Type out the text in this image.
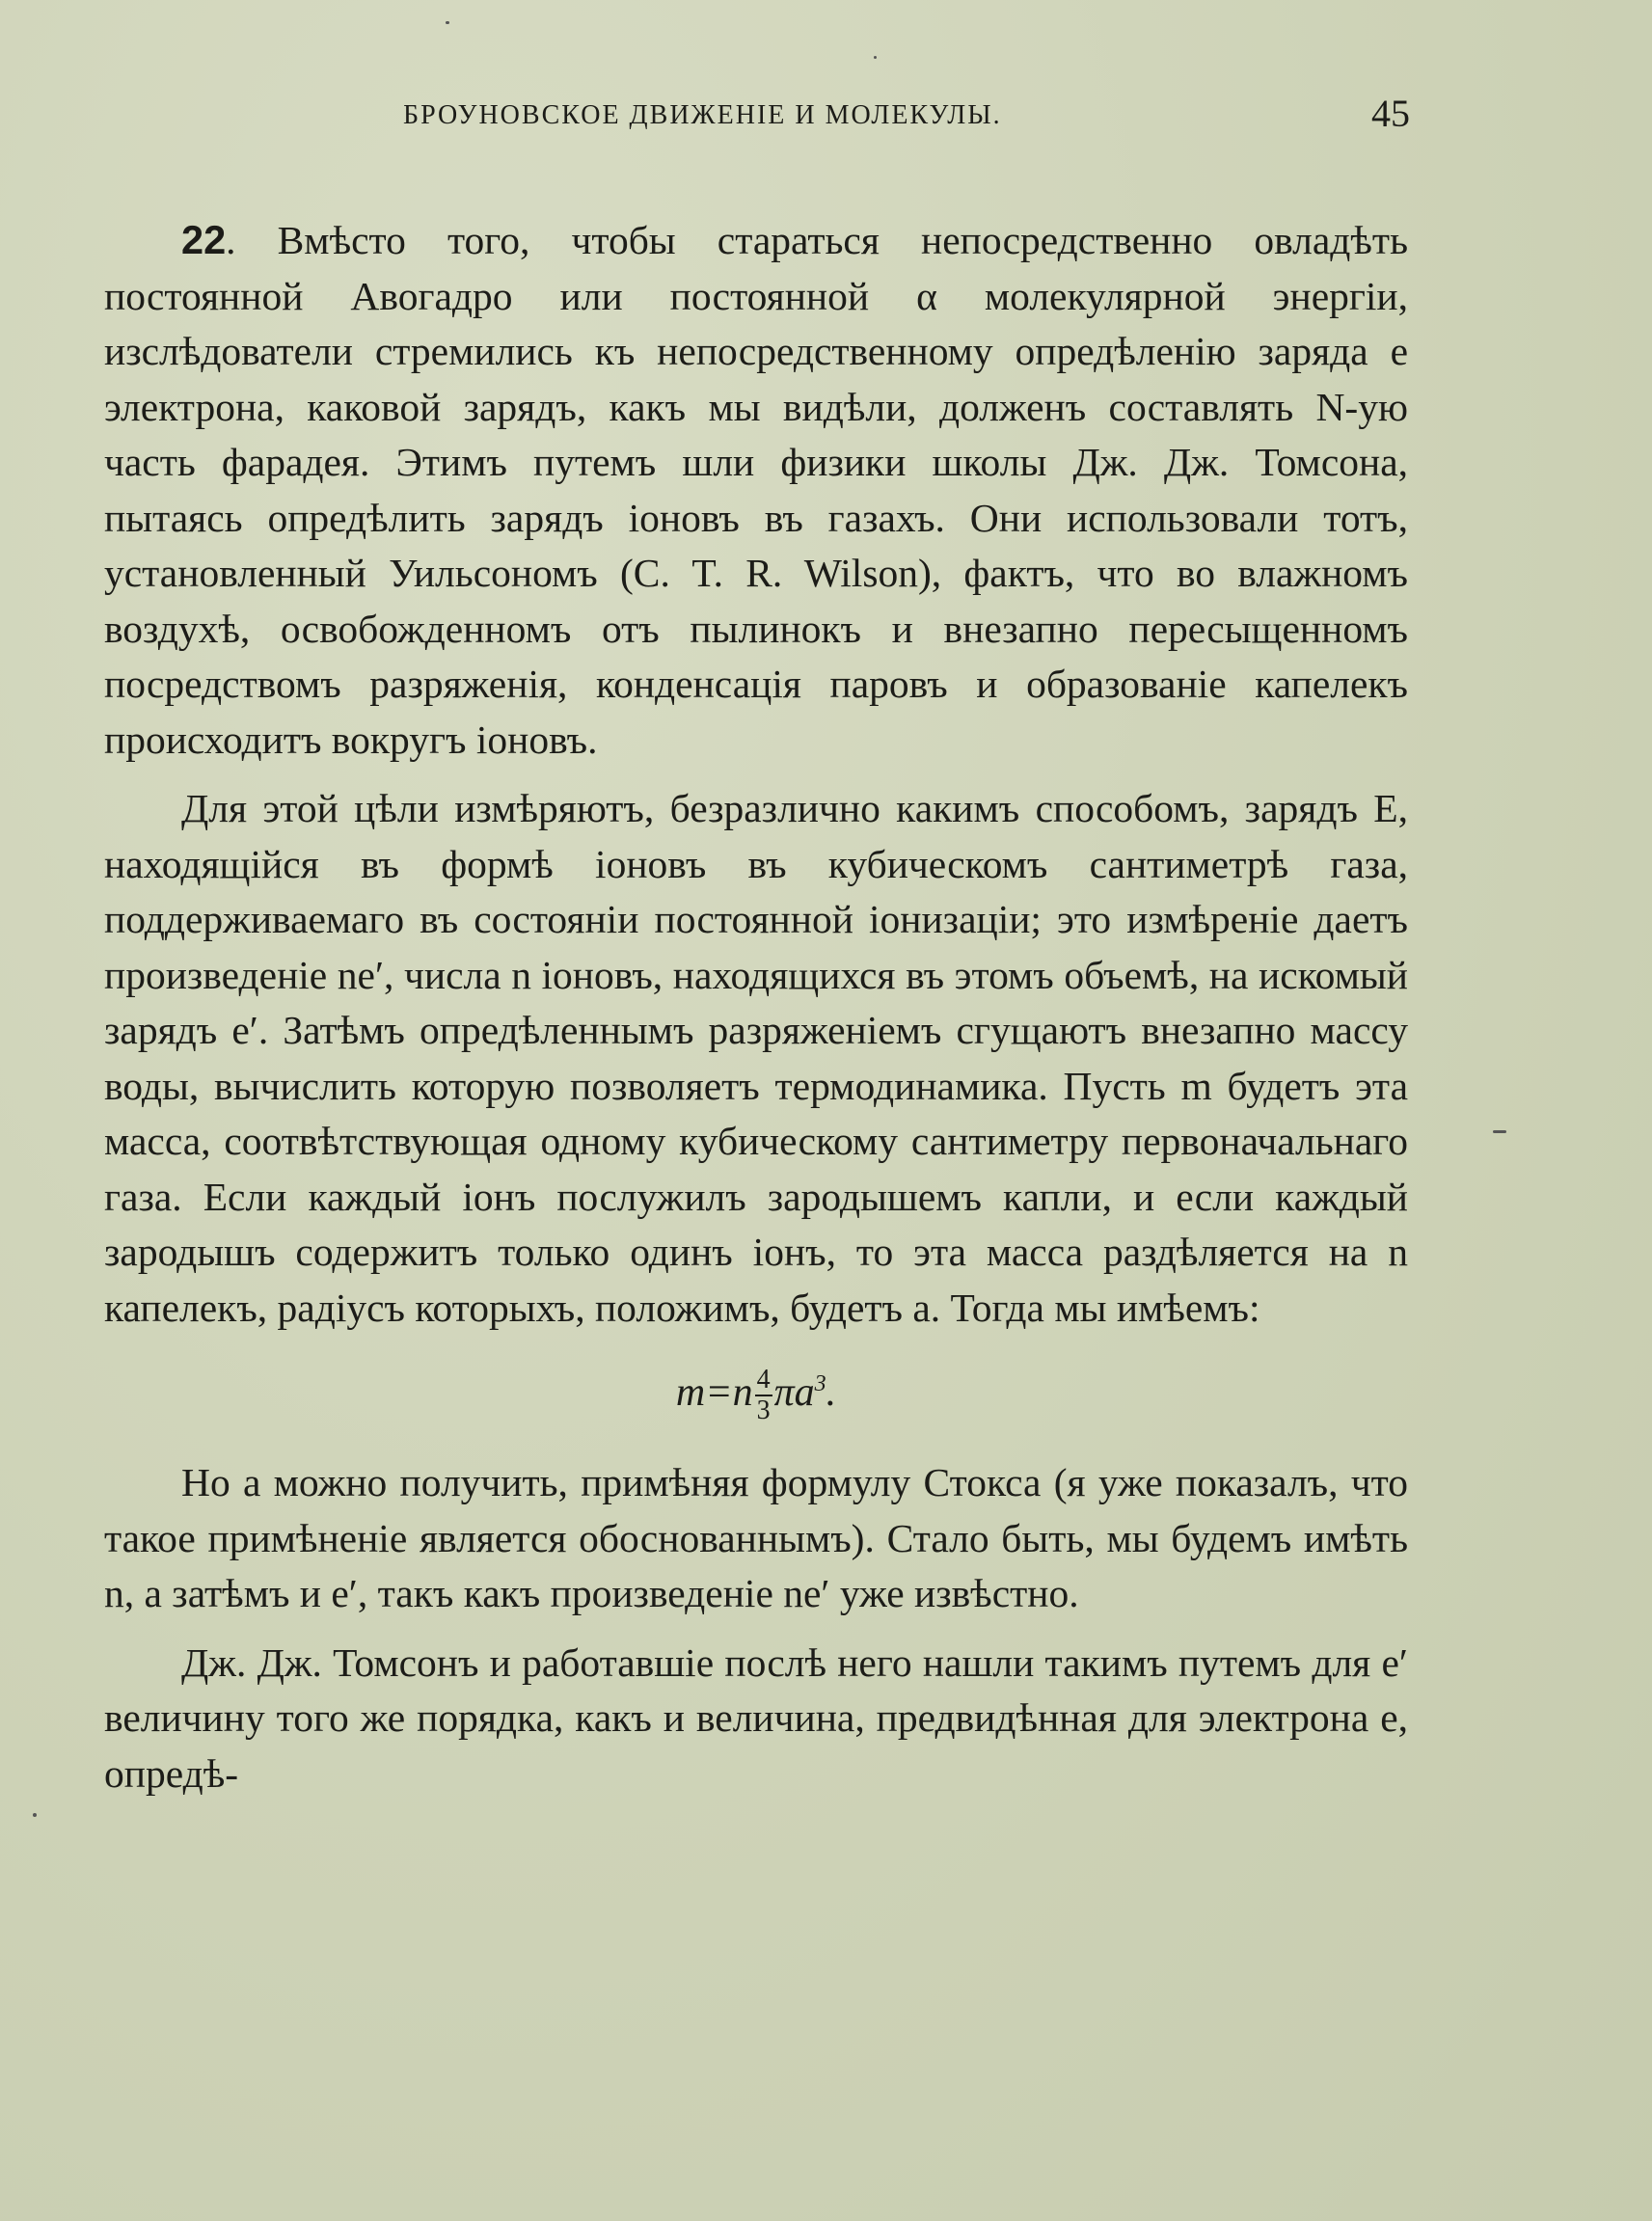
БРОУНОВСКОЕ ДВИЖЕНІЕ И МОЛЕКУЛЫ.	45

22. Вмѣсто того, чтобы стараться непосредственно овладѣть постоянной Авогадро или постоянной α молекулярной энергіи, изслѣдователи стремились къ непосредственному опредѣленію заряда e электрона, каковой зарядъ, какъ мы видѣли, долженъ составлять N-ую часть фарадея. Этимъ путемъ шли физики школы Дж. Дж. Томсона, пытаясь опредѣлить зарядъ іоновъ въ газахъ. Они использовали тотъ, установленный Уильсономъ (C. T. R. Wilson), фактъ, что во влажномъ воздухѣ, освобожденномъ отъ пылинокъ и внезапно пересыщенномъ посредствомъ разряженія, конденсація паровъ и образованіе капелекъ происходитъ вокругъ іоновъ.

Для этой цѣли измѣряютъ, безразлично какимъ способомъ, зарядъ E, находящійся въ формѣ іоновъ въ кубическомъ сантиметрѣ газа, поддерживаемаго въ состояніи постоянной іонизаціи; это измѣреніе даетъ произведеніе ne′, числа n іоновъ, находящихся въ этомъ объемѣ, на искомый зарядъ e′. Затѣмъ опредѣленнымъ разряженіемъ сгущаютъ внезапно массу воды, вычислить которую позволяетъ термодинамика. Пусть m будетъ эта масса, соотвѣтствующая одному кубическому сантиметру первоначальнаго газа. Если каждый іонъ послужилъ зародышемъ капли, и если каждый зародышъ содержитъ только одинъ іонъ, то эта масса раздѣляется на n капелекъ, радіусъ которыхъ, положимъ, будетъ a. Тогда мы имѣемъ:

$m=n \frac{4}{3} \pi a^3$.

Но a можно получить, примѣняя формулу Стокса (я уже показалъ, что такое примѣненіе является обоснованнымъ). Стало быть, мы будемъ имѣть n, а затѣмъ и e′, такъ какъ произведеніе ne′ уже извѣстно.

Дж. Дж. Томсонъ и работавшіе послѣ него нашли такимъ путемъ для e′ величину того же порядка, какъ и величина, предвидѣнная для электрона e, опредѣ-
